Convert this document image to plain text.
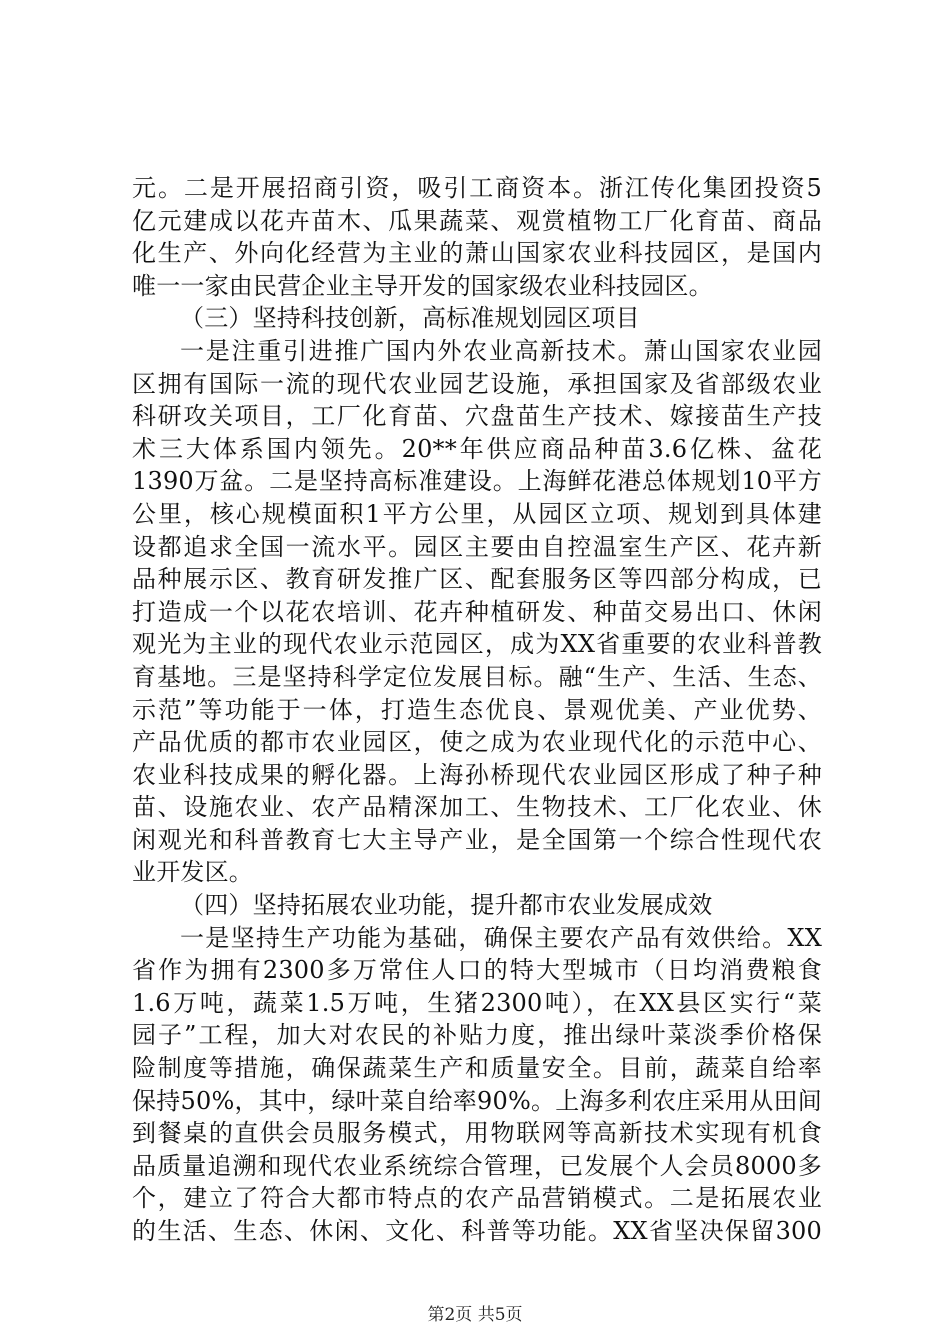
元。二是开展招商引资，吸引工商资本。浙江传化集团投资5
亿元建成以花卉苗木、瓜果蔬菜、观赏植物工厂化育苗、商品
化生产、外向化经营为主业的萧山国家农业科技园区，是国内
唯一一家由民营企业主导开发的国家级农业科技园区。
（三）坚持科技创新，高标准规划园区项目
一是注重引进推广国内外农业高新技术。萧山国家农业园
区拥有国际一流的现代农业园艺设施，承担国家及省部级农业
科研攻关项目，工厂化育苗、穴盘苗生产技术、嫁接苗生产技
术三大体系国内领先。20**年供应商品种苗3.6亿株、盆花
1390万盆。二是坚持高标准建设。上海鲜花港总体规划10平方
公里，核心规模面积1平方公里，从园区立项、规划到具体建
设都追求全国一流水平。园区主要由自控温室生产区、花卉新
品种展示区、教育研发推广区、配套服务区等四部分构成，已
打造成一个以花农培训、花卉种植研发、种苗交易出口、休闲
观光为主业的现代农业示范园区，成为XX省重要的农业科普教
育基地。三是坚持科学定位发展目标。融“生产、生活、生态、
示范”等功能于一体，打造生态优良、景观优美、产业优势、
产品优质的都市农业园区，使之成为农业现代化的示范中心、
农业科技成果的孵化器。上海孙桥现代农业园区形成了种子种
苗、设施农业、农产品精深加工、生物技术、工厂化农业、休
闲观光和科普教育七大主导产业，是全国第一个综合性现代农
业开发区。
（四）坚持拓展农业功能，提升都市农业发展成效
一是坚持生产功能为基础，确保主要农产品有效供给。XX
省作为拥有2300多万常住人口的特大型城市（日均消费粮食
1.6万吨，蔬菜1.5万吨，生猪2300吨），在XX县区实行“菜
园子”工程，加大对农民的补贴力度，推出绿叶菜淡季价格保
险制度等措施，确保蔬菜生产和质量安全。目前，蔬菜自给率
保持50%，其中，绿叶菜自给率90%。上海多利农庄采用从田间
到餐桌的直供会员服务模式，用物联网等高新技术实现有机食
品质量追溯和现代农业系统综合管理，已发展个人会员8000多
个，建立了符合大都市特点的农产品营销模式。二是拓展农业
的生活、生态、休闲、文化、科普等功能。XX省坚决保留300
第2页 共5页
